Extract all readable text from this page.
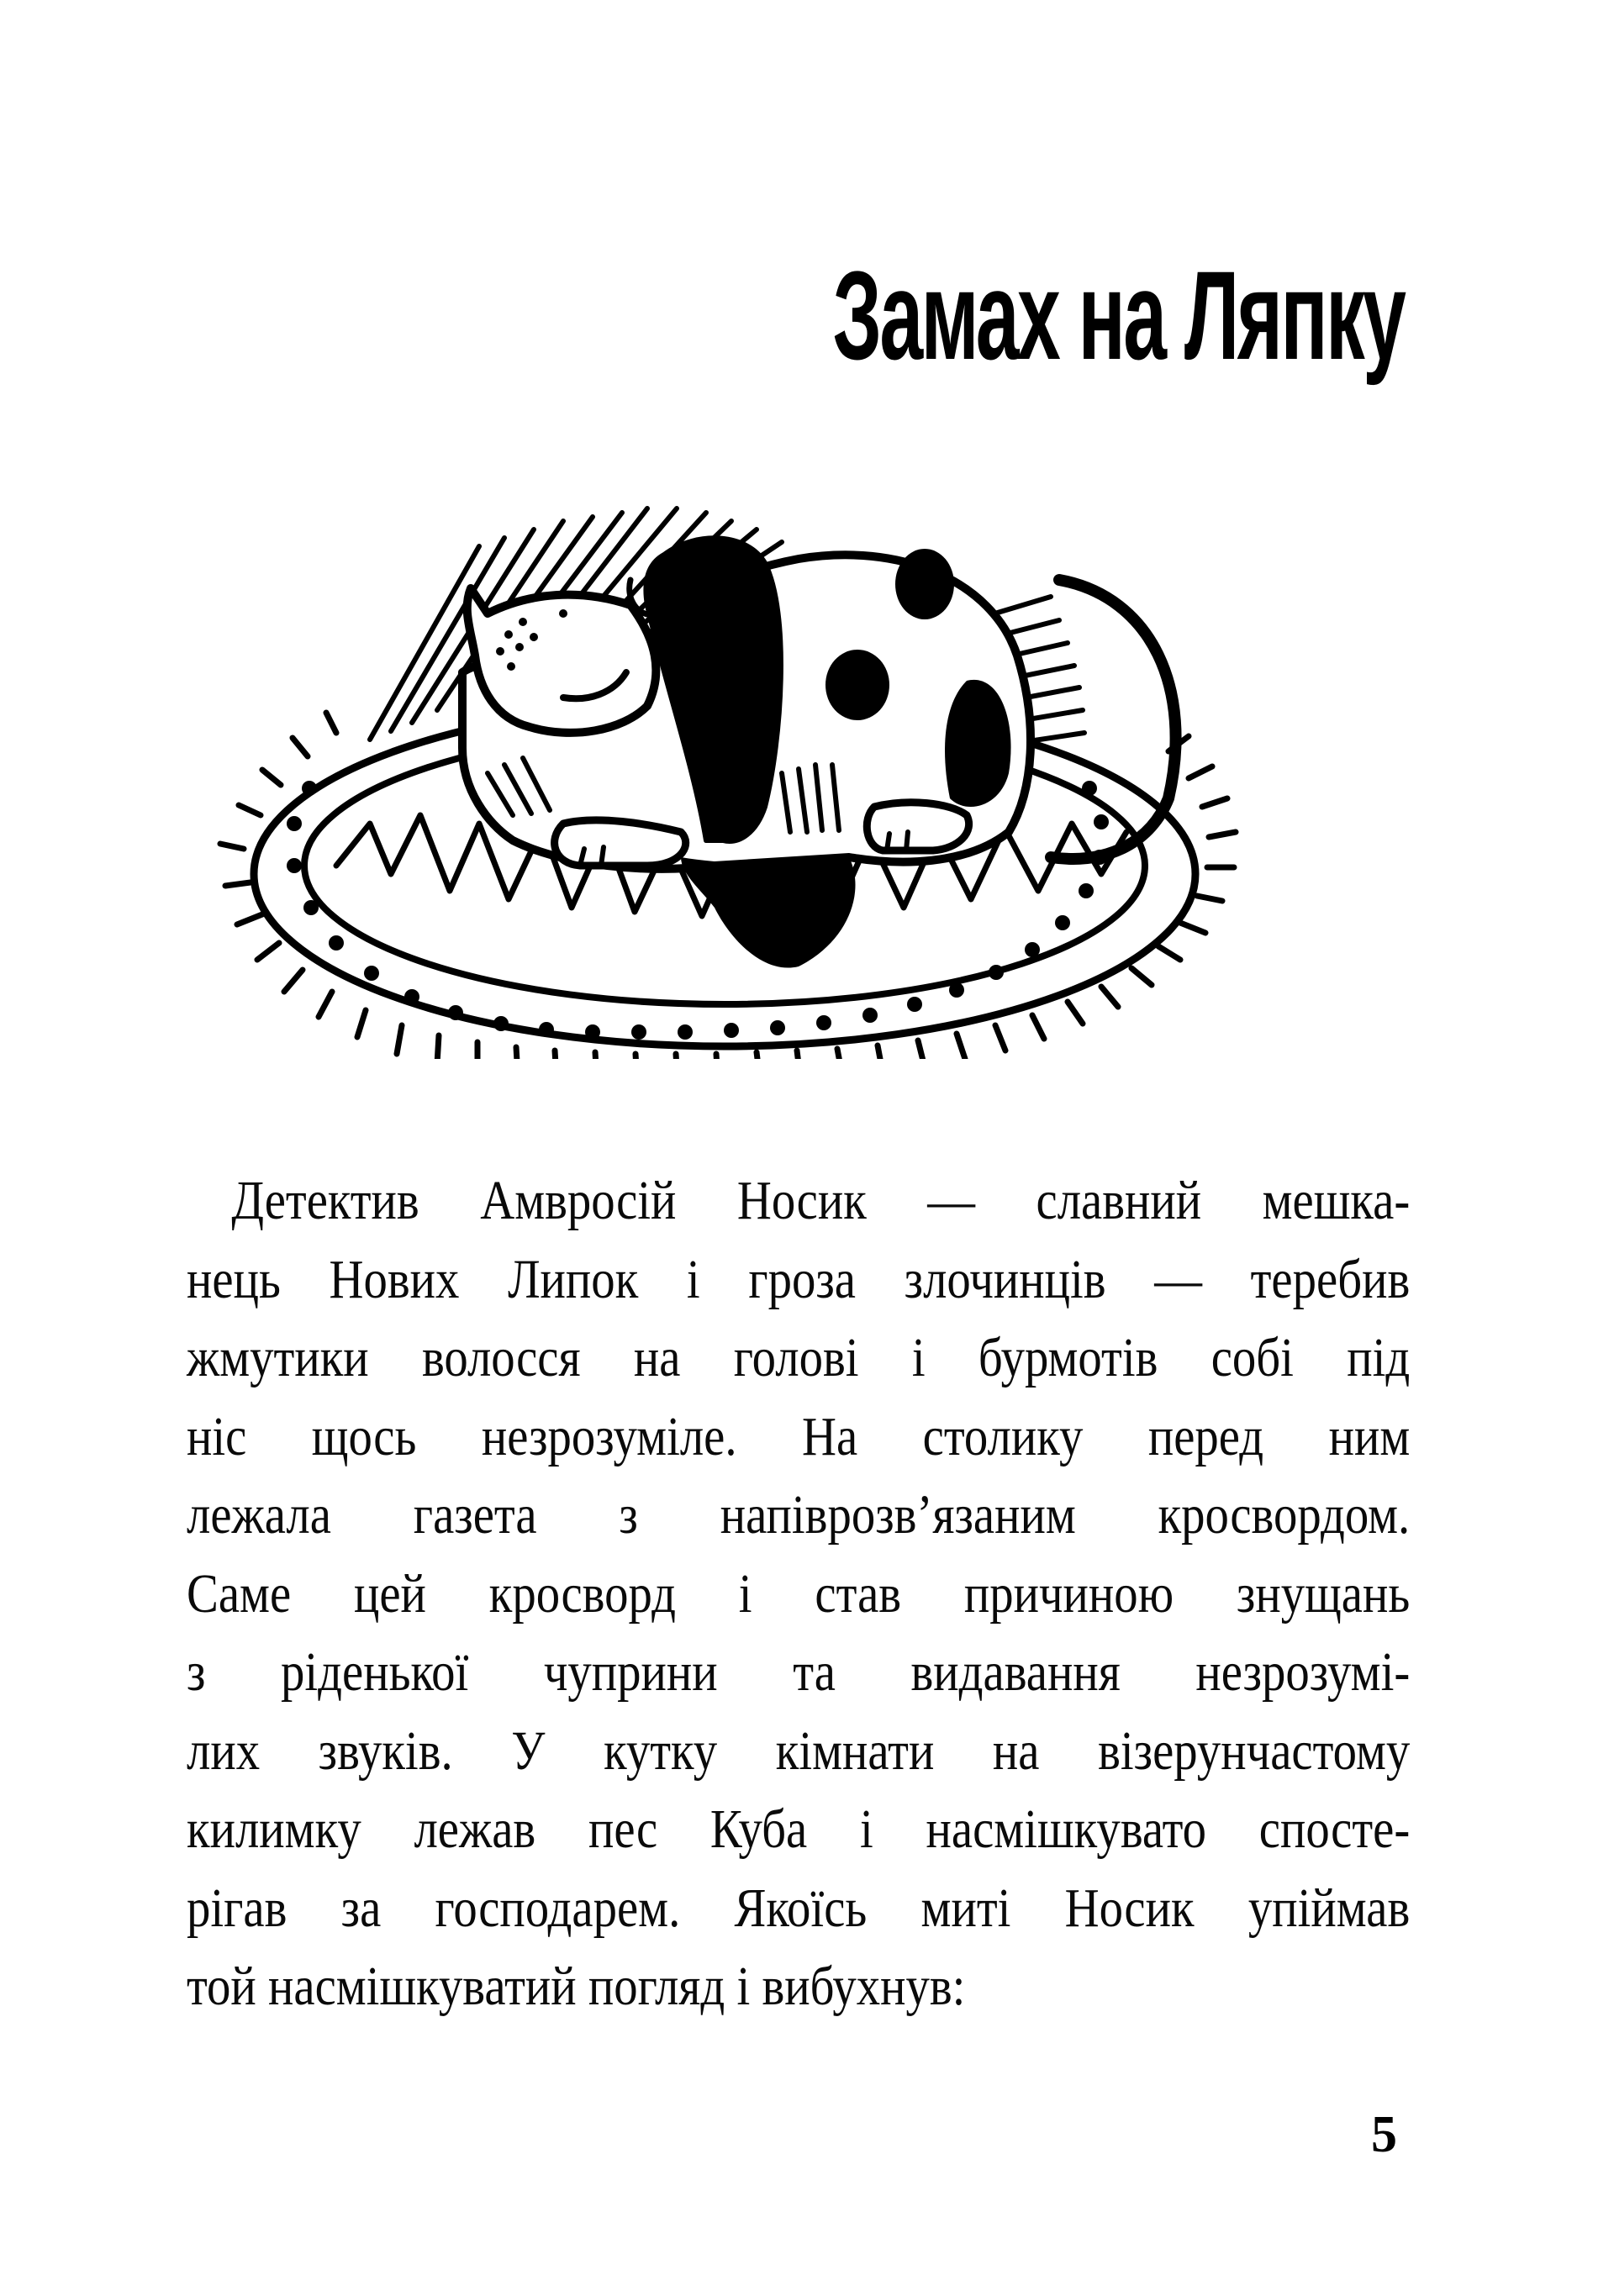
Замах на Ляпку
Детектив Амвросій Носик — славний мешка-
нець Нових Липок і гроза злочинців — теребив
жмутики волосся на голові і бурмотів собі під
ніс щось незрозуміле. На столику перед ним
лежала газета з напіврозв’язаним кросвордом.
Саме цей кросворд і став причиною знущань
з ріденької чуприни та видавання незрозумі-
лих звуків. У кутку кімнати на візерунчастому
килимку лежав пес Куба і насмішкувато спосте-
рігав за господарем. Якоїсь миті Носик упіймав
той насмішкуватий погляд і вибухнув:
5
